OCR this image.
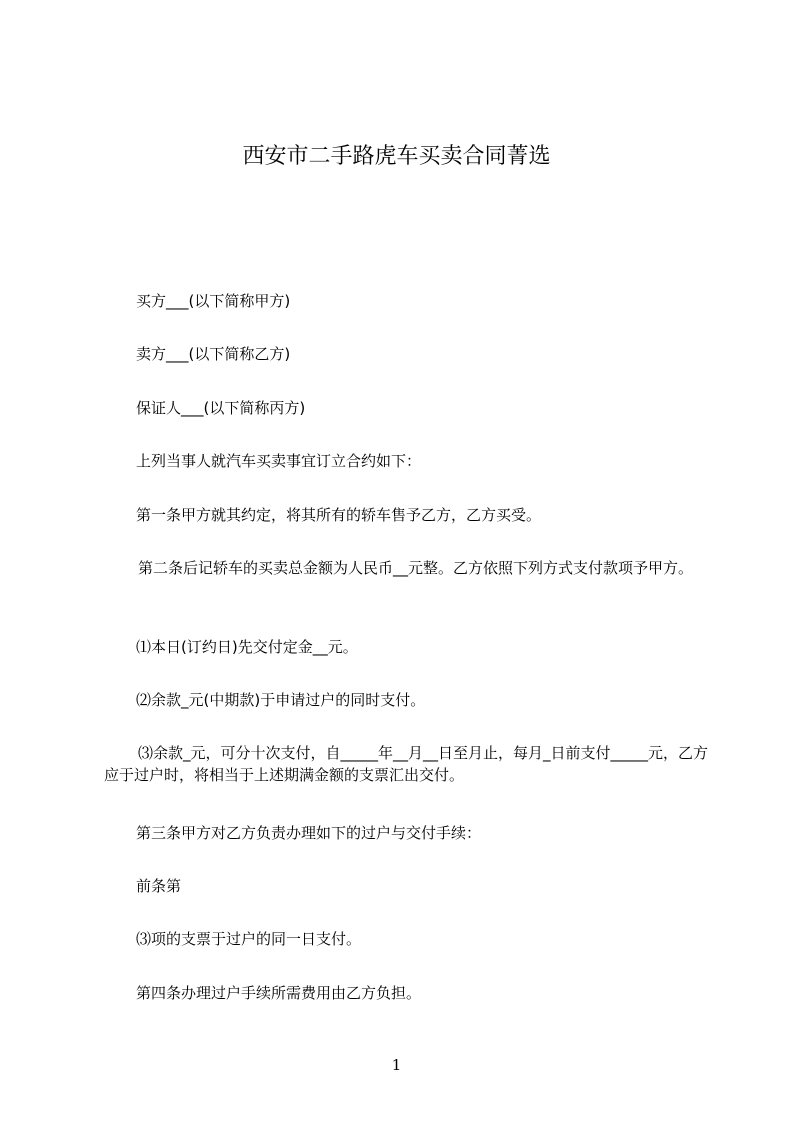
西安市二手路虎车买卖合同菁选

买方___(以下简称甲方)

卖方___(以下简称乙方)

保证人___(以下简称丙方)

上列当事人就汽车买卖事宜订立合约如下：

第一条甲方就其约定，将其所有的轿车售予乙方，乙方买受。

第二条后记轿车的买卖总金额为人民币__元整。乙方依照下列方式支付款项予甲方。

⑴本日(订约日)先交付定金__元。

⑵余款_元(中期款)于申请过户的同时支付。

⑶余款_元，可分十次支付，自_____年__月__日至月止，每月_日前支付_____元，乙方应于过户时，将相当于上述期满金额的支票汇出交付。

第三条甲方对乙方负责办理如下的过户与交付手续：

前条第

⑶项的支票于过户的同一日支付。

第四条办理过户手续所需费用由乙方负担。

1
